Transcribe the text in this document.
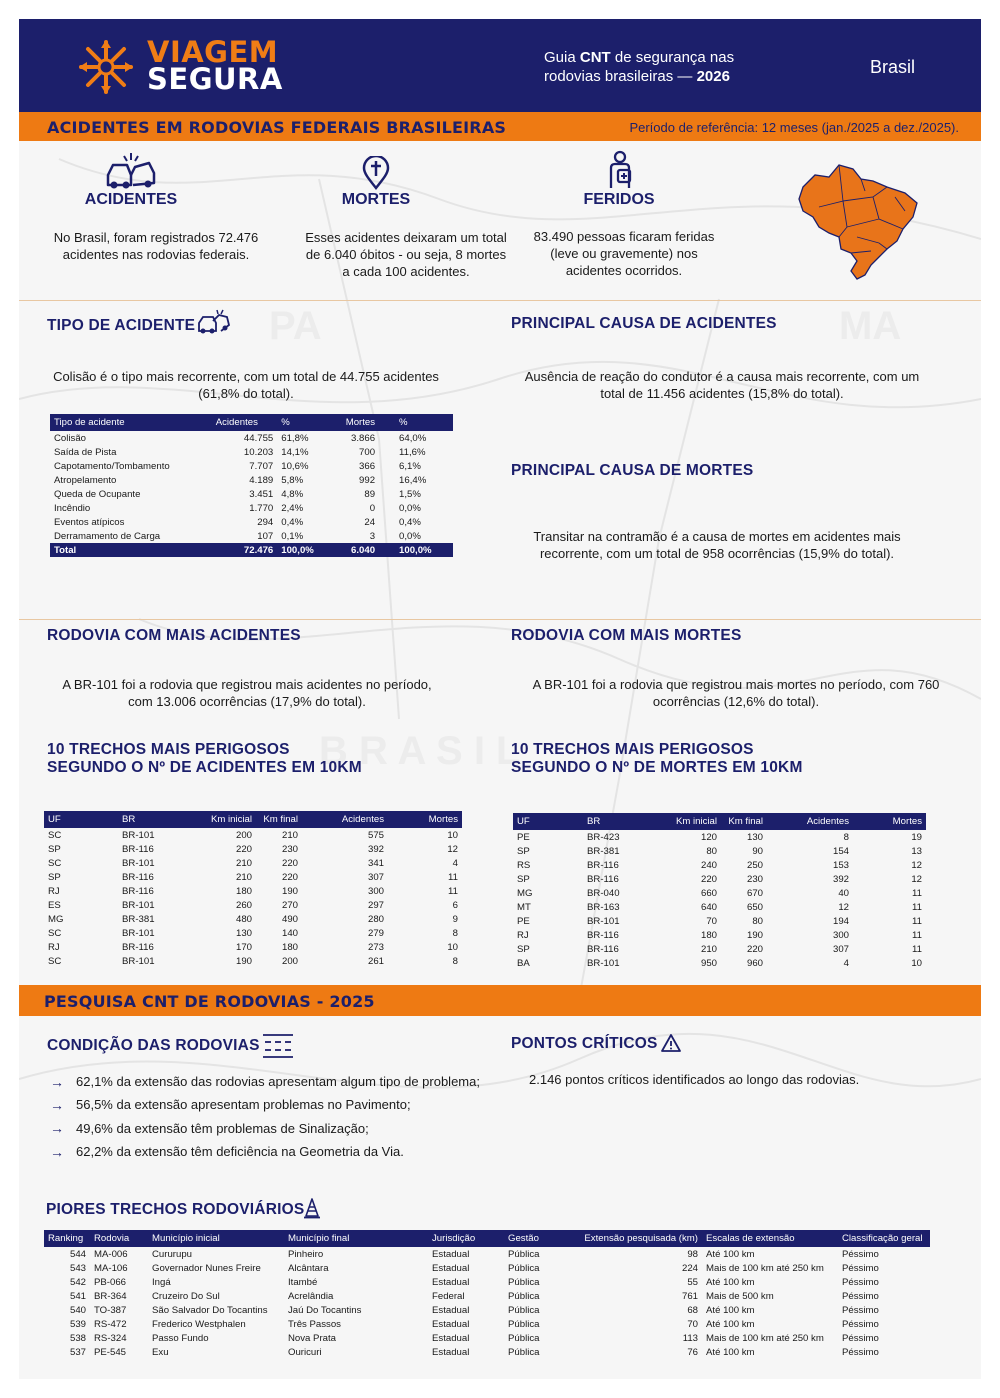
PA	MA
B R A S I L
VIAGEM
SEGURA
Guia CNT de segurança nas
rodovias brasileiras — 2026	Brasil
ACIDENTES EM RODOVIAS FEDERAIS BRASILEIRAS	Período de referência: 12 meses (jan./2025 a dez./2025).
ACIDENTES
No Brasil, foram registrados 72.476 acidentes nas rodovias federais.
MORTES
Esses acidentes deixaram um total de 6.040 óbitos - ou seja, 8 mortes a cada 100 acidentes.
FERIDOS
83.490 pessoas ficaram feridas (leve ou gravemente) nos acidentes ocorridos.
TIPO DE ACIDENTE
Colisão é o tipo mais recorrente, com um total de 44.755 acidentes (61,8% do total).
Tipo de acidente	Acidentes	%	Mortes	%
Colisão	44.755	61,8%	3.866	64,0%
Saída de Pista	10.203	14,1%	700	11,6%
Capotamento/Tombamento	7.707	10,6%	366	6,1%
Atropelamento	4.189	5,8%	992	16,4%
Queda de Ocupante	3.451	4,8%	89	1,5%
Incêndio	1.770	2,4%	0	0,0%
Eventos atípicos	294	0,4%	24	0,4%
Derramamento de Carga	107	0,1%	3	0,0%
Total	72.476	100,0%	6.040	100,0%
PRINCIPAL CAUSA DE ACIDENTES
Ausência de reação do condutor é a causa mais recorrente, com um total de 11.456 acidentes (15,8% do total).
PRINCIPAL CAUSA DE MORTES
Transitar na contramão é a causa de mortes em acidentes mais recorrente, com um total de 958 ocorrências (15,9% do total).
RODOVIA COM MAIS ACIDENTES
A BR-101 foi a rodovia que registrou mais acidentes no período, com 13.006 ocorrências (17,9% do total).
RODOVIA COM MAIS MORTES
A BR-101 foi a rodovia que registrou mais mortes no período, com 760 ocorrências (12,6% do total).
10 TRECHOS MAIS PERIGOSOS
SEGUNDO O Nº DE ACIDENTES EM 10KM
UF	BR	Km inicial	Km final	Acidentes	Mortes
SC	BR-101	200	210	575	10
SP	BR-116	220	230	392	12
SC	BR-101	210	220	341	4
SP	BR-116	210	220	307	11
RJ	BR-116	180	190	300	11
ES	BR-101	260	270	297	6
MG	BR-381	480	490	280	9
SC	BR-101	130	140	279	8
RJ	BR-116	170	180	273	10
SC	BR-101	190	200	261	8
10 TRECHOS MAIS PERIGOSOS
SEGUNDO O Nº DE MORTES EM 10KM
UF	BR	Km inicial	Km final	Acidentes	Mortes
PE	BR-423	120	130	8	19
SP	BR-381	80	90	154	13
RS	BR-116	240	250	153	12
SP	BR-116	220	230	392	12
MG	BR-040	660	670	40	11
MT	BR-163	640	650	12	11
PE	BR-101	70	80	194	11
RJ	BR-116	180	190	300	11
SP	BR-116	210	220	307	11
BA	BR-101	950	960	4	10
PESQUISA CNT DE RODOVIAS - 2025
CONDIÇÃO DAS RODOVIAS
→ 62,1% da extensão das rodovias apresentam algum tipo de problema;
→ 56,5% da extensão apresentam problemas no Pavimento;
→ 49,6% da extensão têm problemas de Sinalização;
→ 62,2% da extensão têm deficiência na Geometria da Via.
PONTOS CRÍTICOS
2.146 pontos críticos identificados ao longo das rodovias.
PIORES TRECHOS RODOVIÁRIOS
Ranking	Rodovia	Município inicial	Município final	Jurisdição	Gestão	Extensão pesquisada (km)	Escalas de extensão	Classificação geral
544	MA-006	Cururupu	Pinheiro	Estadual	Pública	98	Até 100 km	Péssimo
543	MA-106	Governador Nunes Freire	Alcântara	Estadual	Pública	224	Mais de 100 km até 250 km	Péssimo
542	PB-066	Ingá	Itambé	Estadual	Pública	55	Até 100 km	Péssimo
541	BR-364	Cruzeiro Do Sul	Acrelândia	Federal	Pública	761	Mais de 500 km	Péssimo
540	TO-387	São Salvador Do Tocantins	Jaú Do Tocantins	Estadual	Pública	68	Até 100 km	Péssimo
539	RS-472	Frederico Westphalen	Três Passos	Estadual	Pública	70	Até 100 km	Péssimo
538	RS-324	Passo Fundo	Nova Prata	Estadual	Pública	113	Mais de 100 km até 250 km	Péssimo
537	PE-545	Exu	Ouricuri	Estadual	Pública	76	Até 100 km	Péssimo
